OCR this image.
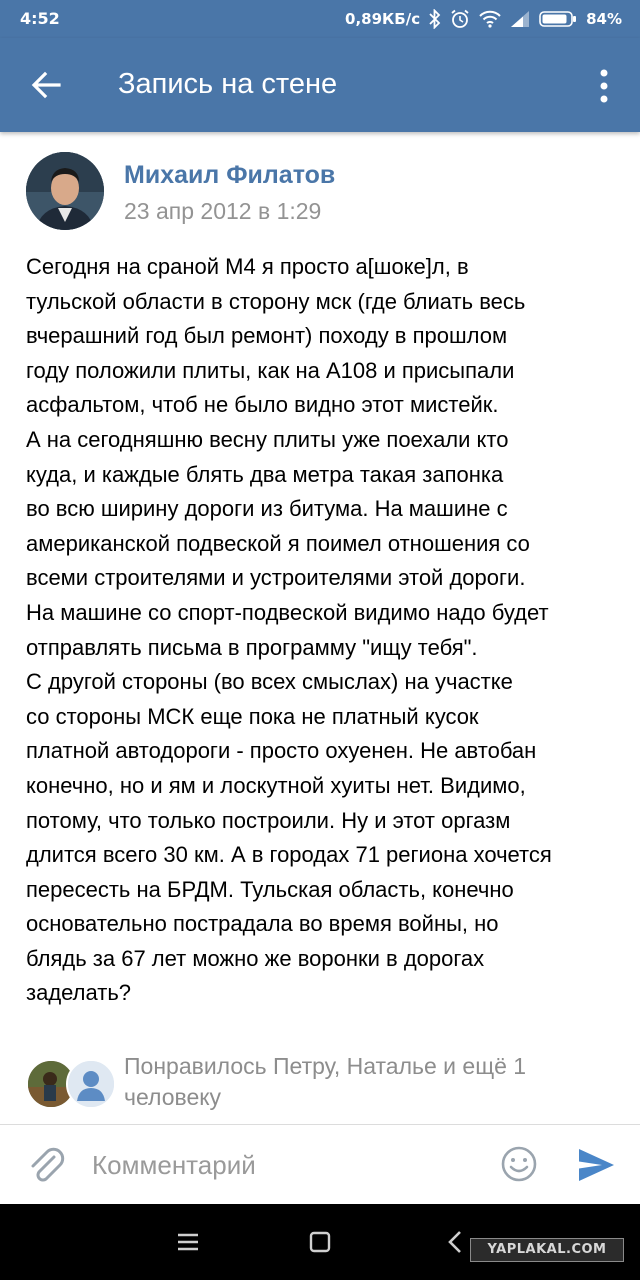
4:52	0,89КБ/с	84%
Запись на стене
Михаил Филатов
23 апр 2012 в 1:29
Сегодня на сраной М4 я просто а[шоке]л, в
тульской области в сторону мск (где блиать весь
вчерашний год был ремонт) походу в прошлом
году положили плиты, как на А108 и присыпали
асфальтом, чтоб не было видно этот мистейк.
А на сегодняшню весну плиты уже поехали кто
куда, и каждые блять два метра такая запонка
во всю ширину дороги из битума. На машине с
американской подвеской я поимел отношения со
всеми строителями и устроителями этой дороги.
На машине со спорт-подвеской видимо надо будет
отправлять письма в программу "ищу тебя".
С другой стороны (во всех смыслах) на участке
со стороны МСК еще пока не платный кусок
платной автодороги - просто охуенен. Не автобан
конечно, но и ям и лоскутной хуиты нет. Видимо,
потому, что только построили. Ну и этот оргазм
длится всего 30 км. А в городах 71 региона хочется
пересесть на БРДМ. Тульская область, конечно
основательно пострадала во время войны, но
блядь за 67 лет можно же воронки в дорогах
заделать?
Понравилось Петру, Наталье и ещё 1 человеку
Комментарий
YAPLAKAL.COM
